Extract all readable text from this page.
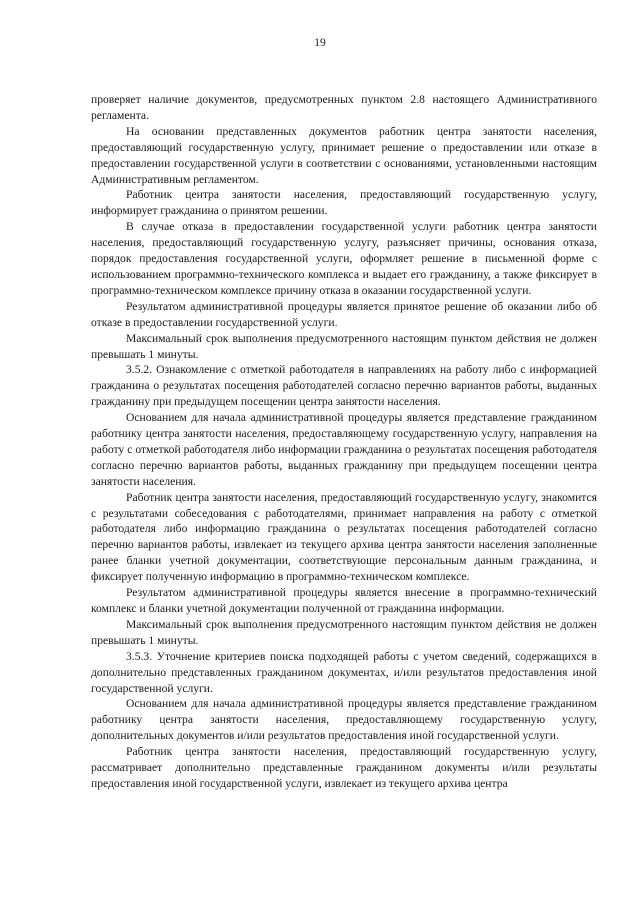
19

проверяет наличие документов, предусмотренных пунктом 2.8 настоящего Административного регламента.

На основании представленных документов работник центра занятости населения, предоставляющий государственную услугу, принимает решение о предоставлении или отказе в предоставлении государственной услуги в соответствии с основаниями, установленными настоящим Административным регламентом.

Работник центра занятости населения, предоставляющий государственную услугу, информирует гражданина о принятом решении.

В случае отказа в предоставлении государственной услуги работник центра занятости населения, предоставляющий государственную услугу, разъясняет причины, основания отказа, порядок предоставления государственной услуги, оформляет решение в письменной форме с использованием программно-технического комплекса и выдает его гражданину, а также фиксирует в программно-техническом комплексе причину отказа в оказании государственной услуги.

Результатом административной процедуры является принятое решение об оказании либо об отказе в предоставлении государственной услуги.

Максимальный срок выполнения предусмотренного настоящим пунктом действия не должен превышать 1 минуты.

3.5.2. Ознакомление с отметкой работодателя в направлениях на работу либо с информацией гражданина о результатах посещения работодателей согласно перечню вариантов работы, выданных гражданину при предыдущем посещении центра занятости населения.

Основанием для начала административной процедуры является представление гражданином работнику центра занятости населения, предоставляющему государственную услугу, направления на работу с отметкой работодателя либо информации гражданина о результатах посещения работодателя согласно перечню вариантов работы, выданных гражданину при предыдущем посещении центра занятости населения.

Работник центра занятости населения, предоставляющий государственную услугу, знакомится с результатами собеседования с работодателями, принимает направления на работу с отметкой работодателя либо информацию гражданина о результатах посещения работодателей согласно перечню вариантов работы, извлекает из текущего архива центра занятости населения заполненные ранее бланки учетной документации, соответствующие персональным данным гражданина, и фиксирует полученную информацию в программно-техническом комплексе.

Результатом административной процедуры является внесение в программно-технический комплекс и бланки учетной документации полученной от гражданина информации.

Максимальный срок выполнения предусмотренного настоящим пунктом действия не должен превышать 1 минуты.

3.5.3. Уточнение критериев поиска подходящей работы с учетом сведений, содержащихся в дополнительно представленных гражданином документах, и/или результатов предоставления иной государственной услуги.

Основанием для начала административной процедуры является представление гражданином работнику центра занятости населения, предоставляющему государственную услугу, дополнительных документов и/или результатов предоставления иной государственной услуги.

Работник центра занятости населения, предоставляющий государственную услугу, рассматривает дополнительно представленные гражданином документы и/или результаты предоставления иной государственной услуги, извлекает из текущего архива центра
